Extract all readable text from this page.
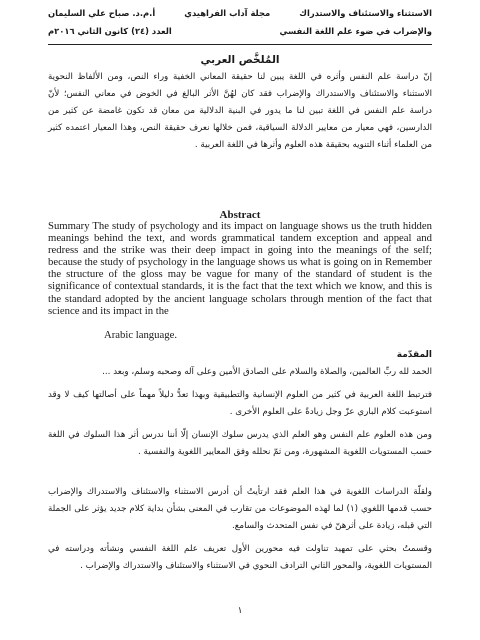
الاستثناء والاستئناف والاستدراك
مجلة آداب الفراهيدي
أ.م.د. صباح علي السليمان
والإضراب في ضوء علم اللغة النفسي
العدد (٢٤) كانون الثاني ٢٠١٦م
المُلخَّص العربي

إنّ دراسة علم النفس وأثره في اللغة يبين لنا حقيقة المعاني الخفية وراء النص، ومن الألفاظ النحوية الاستثناء والاستئناف والاستدراك والإضراب فقد كان لهُنَّ الأثر البالغ في الخوض في معاني النفس؛ لأنّ دراسة علم النفس في اللغة تبين لنا ما يدور في البنية الدلالية من معان قد تكون غامضة عن كثير من الدارسين، فهي معيار من معايير الدلالة السياقية، فمن خلالها نعرف حقيقة النص، وهذا المعيار اعتمده كثير من العلماء أثناء التنويه بحقيقة هذه العلوم وأثرها في اللغة العربية .

Abstract

Summary The study of psychology and its impact on language shows us the truth hidden meanings behind the text, and words grammatical tandem exception and appeal and redress and the strike was their deep impact in going into the meanings of the self; because the study of psychology in the language shows us what is going on in Remember the structure of the gloss may be vague for many of the standard of student is the significance of contextual standards, it is the fact that the text which we know, and this is the standard adopted by the ancient language scholars through mention of the fact that science and its impact in the

Arabic language.
المقدّمة

الحمد لله ربِّ العالمين، والصلاة والسلام على الصادق الأمين وعلى آله وصحبه وسلم، وبعد ...

فترتبط اللغة العربية في كثير من العلوم الإنسانية والتطبيقية وبهذا تعدُّ دليلاً مهماً على أصالتها كيف لا وقد استوعبت كلام الباري عزّ وجل زيادةً على العلوم الأخرى .

ومن هذه العلوم علم النفس وهو العلم الذي يدرس سلوك الإنسان إلّا أننا ندرس أثر هذا السلوك في اللغة حسب المستويات اللغوية المشهورة، ومن ثمّ نحلله وفق المعايير اللغوية والنفسية .

ولقلّة الدراسات اللغوية في هذا العلم فقد ارتأيتُ أن أدرس الاستثناء والاستئناف والاستدراك والإضراب حسب قدمها اللغوي (١) لما لهذه الموضوعات من تقارب في المعنى بشأن بداية كلام جديد يؤثر على الجملة التي قبله، زيادة على أثرهنّ في نفس المتحدث والسامع.

وقسمتُ بحثي على تمهيد تناولت فيه محورين الأول تعريف علم اللغة النفسي ونشأته ودراسته في المستويات اللغوية، والمحور الثاني الترادف النحوي في الاستثناء والاستئناف والاستدراك والإضراب .

١
